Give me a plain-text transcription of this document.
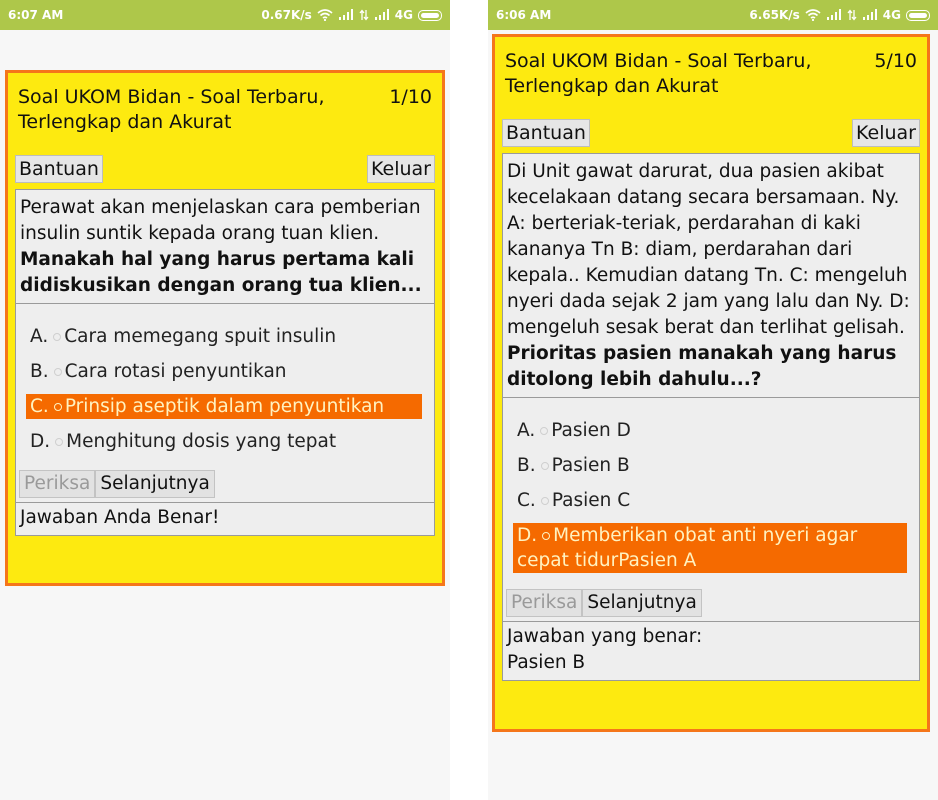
6:07 AM	0.67K/s	4G
Soal UKOM Bidan - Soal Terbaru, Terlengkap dan Akurat
1/10
Bantuan	Keluar
Perawat akan menjelaskan cara pemberian insulin suntik kepada orang tuan klien.
Manakah hal yang harus pertama kali didiskusikan dengan orang tua klien...
A. Cara memegang spuit insulin
B. Cara rotasi penyuntikan
C. Prinsip aseptik dalam penyuntikan
D. Menghitung dosis yang tepat
Periksa Selanjutnya
Jawaban Anda Benar!
6:06 AM	6.65K/s	4G
Soal UKOM Bidan - Soal Terbaru, Terlengkap dan Akurat
5/10
Bantuan	Keluar
Di Unit gawat darurat, dua pasien akibat kecelakaan datang secara bersamaan. Ny. A: berteriak-teriak, perdarahan di kaki kananya Tn B: diam, perdarahan dari kepala.. Kemudian datang Tn. C: mengeluh nyeri dada sejak 2 jam yang lalu dan Ny. D: mengeluh sesak berat dan terlihat gelisah.
Prioritas pasien manakah yang harus ditolong lebih dahulu...?
A. Pasien D
B. Pasien B
C. Pasien C
D. Memberikan obat anti nyeri agar cepat tidurPasien A
Periksa Selanjutnya
Jawaban yang benar:
Pasien B
